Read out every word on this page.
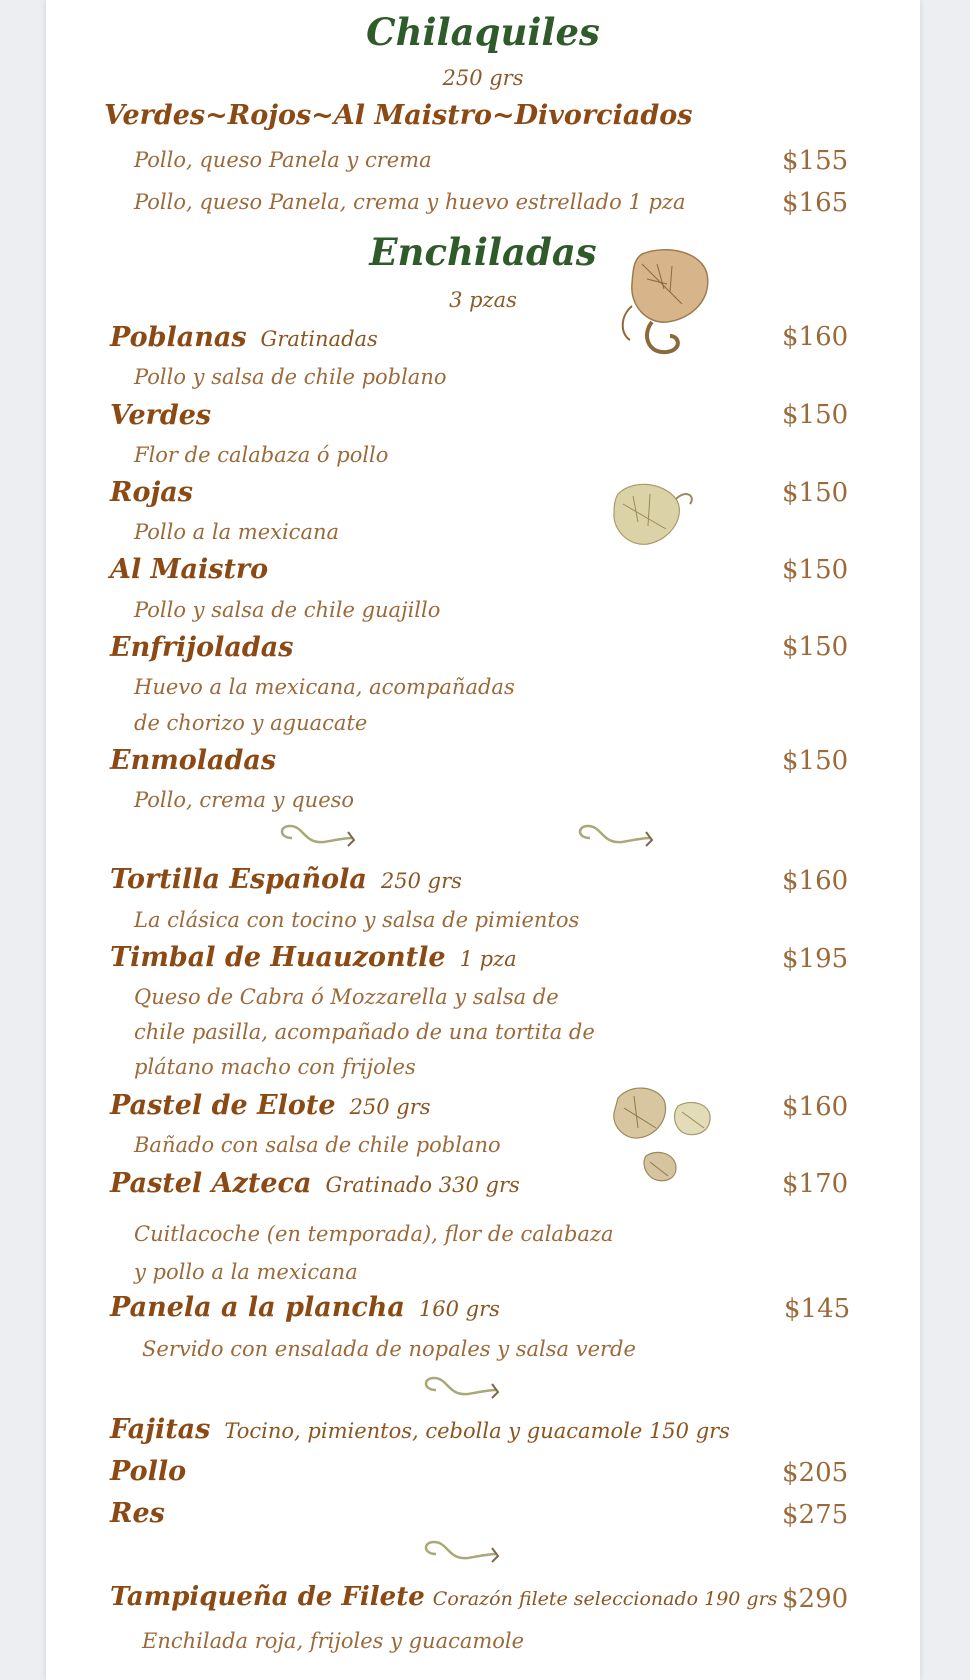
Chilaquiles
250 grs
Verdes~Rojos~Al Maistro~Divorciados
Pollo, queso Panela y crema	$155
Pollo, queso Panela, crema y huevo estrellado 1 pza	$165
Enchiladas
3 pzas
Poblanas Gratinadas	$160
Pollo y salsa de chile poblano
Verdes	$150
Flor de calabaza ó pollo
Rojas	$150
Pollo a la mexicana
Al Maistro	$150
Pollo y salsa de chile guajillo
Enfrijoladas	$150
Huevo a la mexicana, acompañadas
de chorizo y aguacate
Enmoladas	$150
Pollo, crema y queso
Tortilla Española 250 grs	$160
La clásica con tocino y salsa de pimientos
Timbal de Huauzontle 1 pza	$195
Queso de Cabra ó Mozzarella y salsa de
chile pasilla, acompañado de una tortita de
plátano macho con frijoles
Pastel de Elote 250 grs	$160
Bañado con salsa de chile poblano
Pastel Azteca Gratinado 330 grs	$170
Cuitlacoche (en temporada), flor de calabaza
y pollo a la mexicana
Panela a la plancha 160 grs	$145
Servido con ensalada de nopales y salsa verde
Fajitas Tocino, pimientos, cebolla y guacamole 150 grs
Pollo	$205
Res	$275
Tampiqueña de Filete Corazón filete seleccionado 190 grs $290
Enchilada roja, frijoles y guacamole
